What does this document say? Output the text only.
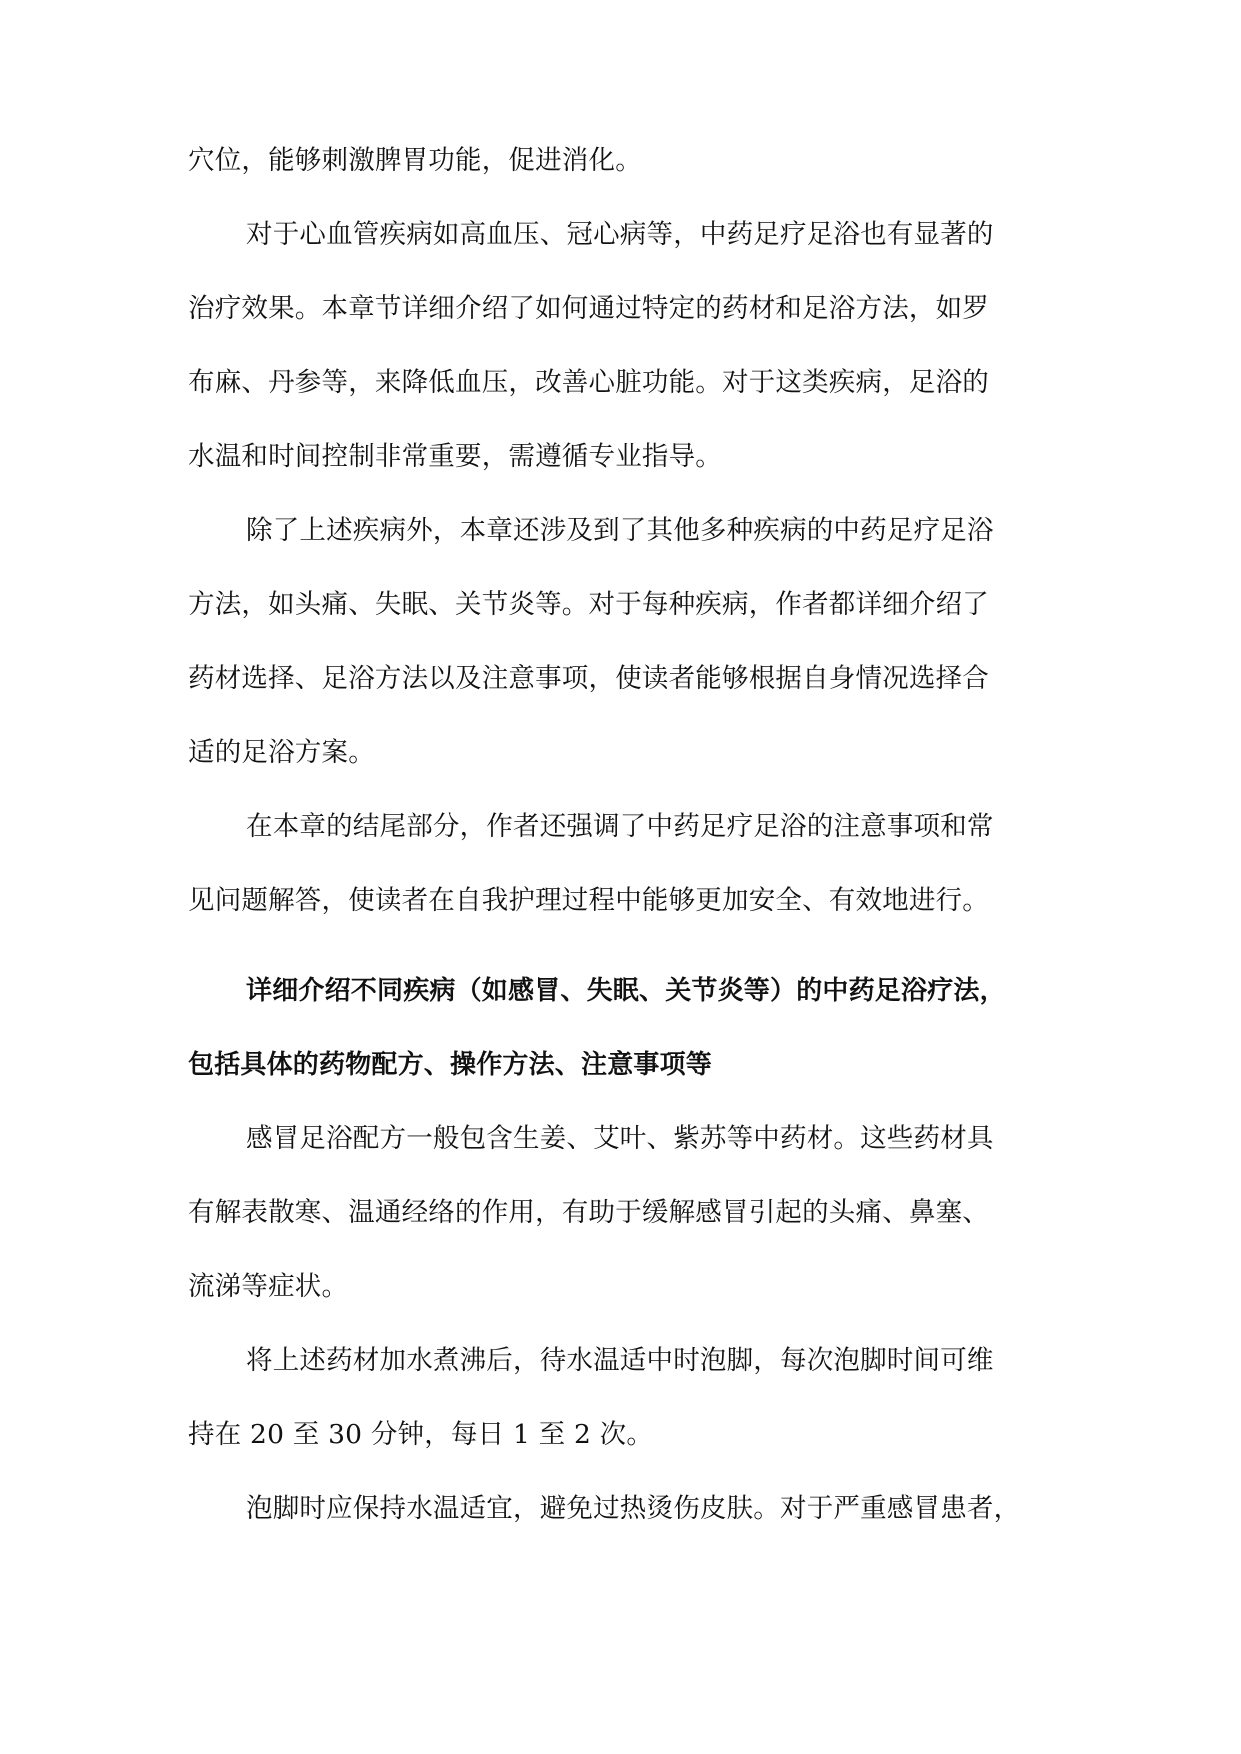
穴位，能够刺激脾胃功能，促进消化。
对于心血管疾病如高血压、冠心病等，中药足疗足浴也有显著的
治疗效果。本章节详细介绍了如何通过特定的药材和足浴方法，如罗
布麻、丹参等，来降低血压，改善心脏功能。对于这类疾病，足浴的
水温和时间控制非常重要，需遵循专业指导。
除了上述疾病外，本章还涉及到了其他多种疾病的中药足疗足浴
方法，如头痛、失眠、关节炎等。对于每种疾病，作者都详细介绍了
药材选择、足浴方法以及注意事项，使读者能够根据自身情况选择合
适的足浴方案。
在本章的结尾部分，作者还强调了中药足疗足浴的注意事项和常
见问题解答，使读者在自我护理过程中能够更加安全、有效地进行。
详细介绍不同疾病（如感冒、失眠、关节炎等）的中药足浴疗法，
包括具体的药物配方、操作方法、注意事项等
感冒足浴配方一般包含生姜、艾叶、紫苏等中药材。这些药材具
有解表散寒、温通经络的作用，有助于缓解感冒引起的头痛、鼻塞、
流涕等症状。
将上述药材加水煮沸后，待水温适中时泡脚，每次泡脚时间可维
持在 20 至 30 分钟，每日 1 至 2 次。
泡脚时应保持水温适宜，避免过热烫伤皮肤。对于严重感冒患者，
